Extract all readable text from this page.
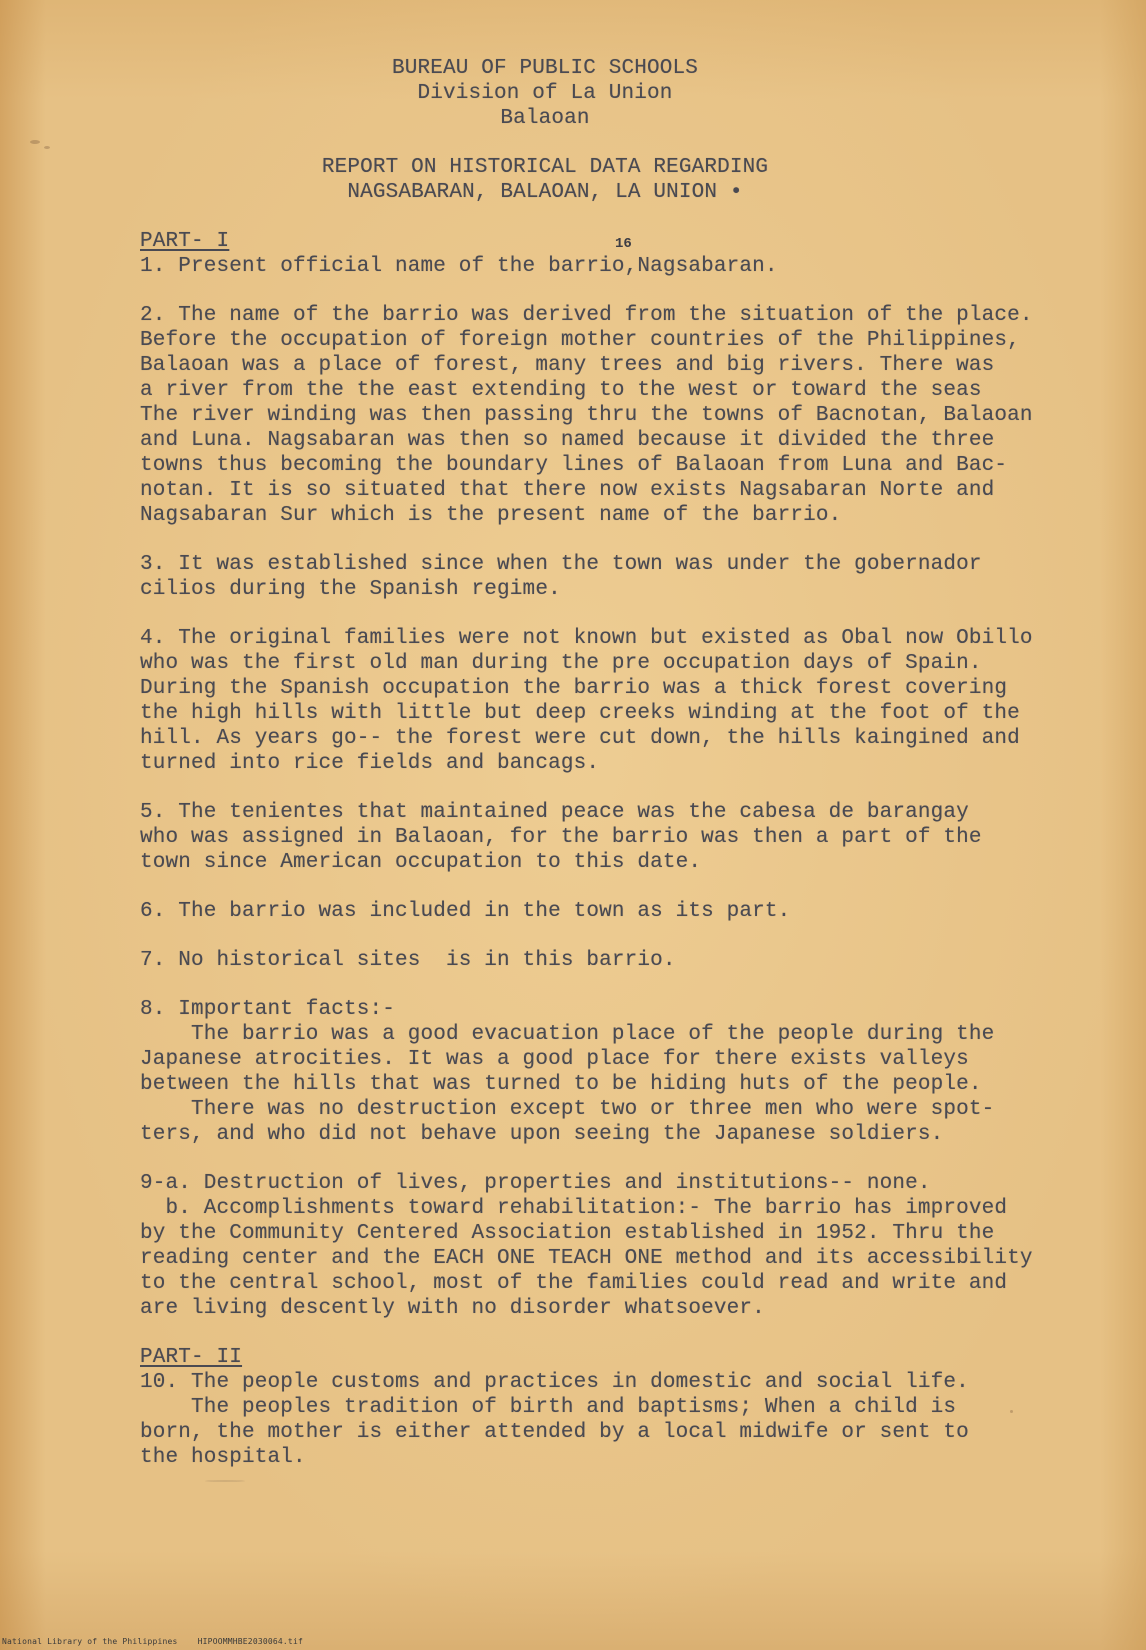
BUREAU OF PUBLIC SCHOOLS
Division of La Union
Balaoan
REPORT ON HISTORICAL DATA REGARDING
NAGSABARAN, BALAOAN, LA UNION •
PART- I	16
1. Present official name of the barrio,Nagsabaran.
2. The name of the barrio was derived from the situation of the place.
Before the occupation of foreign mother countries of the Philippines,
Balaoan was a place of forest, many trees and big rivers. There was
a river from the the east extending to the west or toward the seas
The river winding was then passing thru the towns of Bacnotan, Balaoan
and Luna. Nagsabaran was then so named because it divided the three
towns thus becoming the boundary lines of Balaoan from Luna and Bac-
notan. It is so situated that there now exists Nagsabaran Norte and
Nagsabaran Sur which is the present name of the barrio.
3. It was established since when the town was under the gobernador
cilios during the Spanish regime.
4. The original families were not known but existed as Obal now Obillo
who was the first old man during the pre occupation days of Spain.
During the Spanish occupation the barrio was a thick forest covering
the high hills with little but deep creeks winding at the foot of the
hill. As years go-- the forest were cut down, the hills kaingined and
turned into rice fields and bancags.
5. The tenientes that maintained peace was the cabesa de barangay
who was assigned in Balaoan, for the barrio was then a part of the
town since American occupation to this date.
6. The barrio was included in the town as its part.
7. No historical sites  is in this barrio.
8. Important facts:-
The barrio was a good evacuation place of the people during the
Japanese atrocities. It was a good place for there exists valleys
between the hills that was turned to be hiding huts of the people.
There was no destruction except two or three men who were spot-
ters, and who did not behave upon seeing the Japanese soldiers.
9-a. Destruction of lives, properties and institutions-- none.
b. Accomplishments toward rehabilitation:- The barrio has improved
by the Community Centered Association established in 1952. Thru the
reading center and the EACH ONE TEACH ONE method and its accessibility
to the central school, most of the families could read and write and
are living descently with no disorder whatsoever.
PART- II
10. The people customs and practices in domestic and social life.
The peoples tradition of birth and baptisms; When a child is
born, the mother is either attended by a local midwife or sent to
the hospital.
National Library of the Philippines    HIPOOMMHBE2030064.tif
